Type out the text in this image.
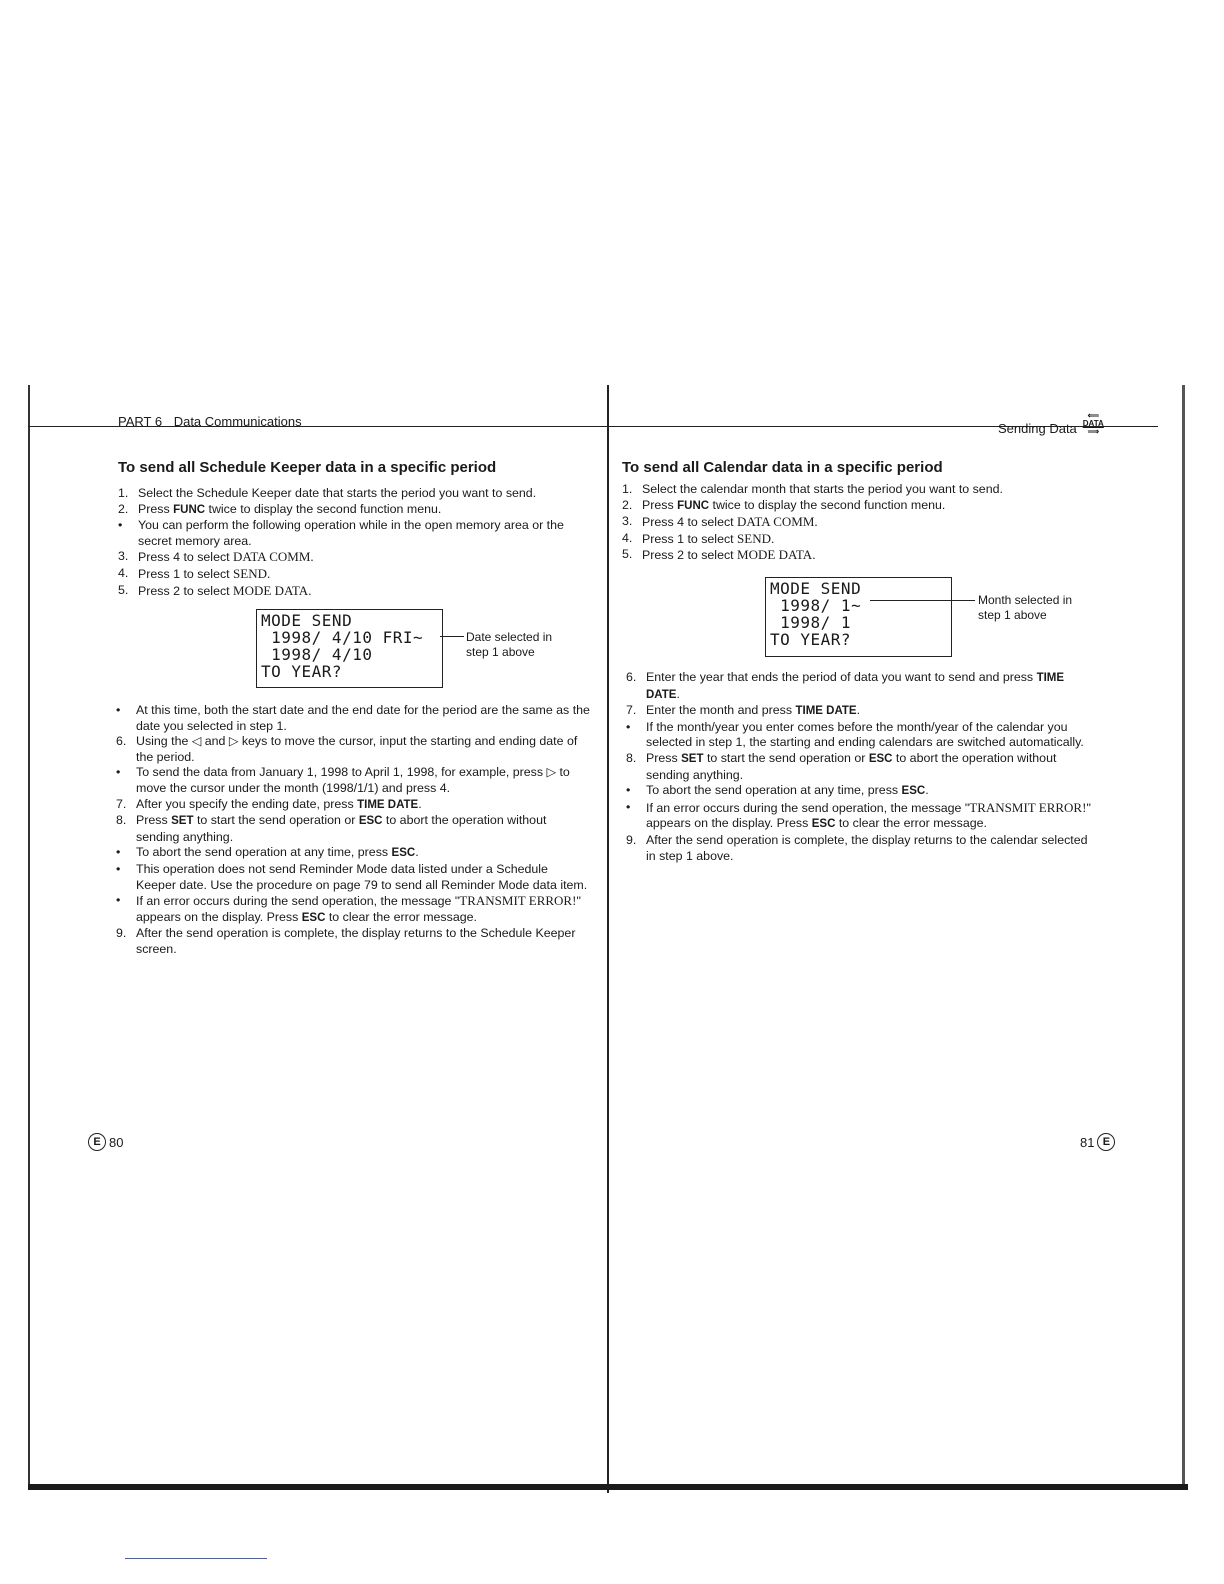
PART 6 Data Communications
To send all Schedule Keeper data in a specific period

1. Select the Schedule Keeper date that starts the period you want to send.

2. Press FUNC twice to display the second function menu.

• You can perform the following operation while in the open memory area or the secret memory area.

3. Press 4 to select DATA COMM.

4. Press 1 to select SEND.

5. Press 2 to select MODE DATA.

MODE SEND
1998/ 4/10 FRI~
1998/ 4/10
TO YEAR?
Date selected in
step 1 above

• At this time, both the start date and the end date for the period are the same as the date you selected in step 1.

6. Using the ◁ and ▷ keys to move the cursor, input the starting and ending date of the period.

• To send the data from January 1, 1998 to April 1, 1998, for example, press ▷ to move the cursor under the month (1998/1/1) and press 4.

7. After you specify the ending date, press TIME DATE.

8. Press SET to start the send operation or ESC to abort the operation without sending anything.

• To abort the send operation at any time, press ESC.

• This operation does not send Reminder Mode data listed under a Schedule Keeper date. Use the procedure on page 79 to send all Reminder Mode data item.

• If an error occurs during the send operation, the message "TRANSMIT ERROR!" appears on the display. Press ESC to clear the error message.

9. After the send operation is complete, the display returns to the Schedule Keeper screen.

E 80
Sending Data
⟸
DATA
⟹
To send all Calendar data in a specific period

1. Select the calendar month that starts the period you want to send.

2. Press FUNC twice to display the second function menu.

3. Press 4 to select DATA COMM.

4. Press 1 to select SEND.

5. Press 2 to select MODE DATA.

MODE SEND
1998/ 1~
1998/ 1
TO YEAR?
Month selected in
step 1 above

6. Enter the year that ends the period of data you want to send and press TIME DATE.

7. Enter the month and press TIME DATE.

• If the month/year you enter comes before the month/year of the calendar you selected in step 1, the starting and ending calendars are switched automatically.

8. Press SET to start the send operation or ESC to abort the operation without sending anything.

• To abort the send operation at any time, press ESC.

• If an error occurs during the send operation, the message "TRANSMIT ERROR!" appears on the display. Press ESC to clear the error message.

9. After the send operation is complete, the display returns to the calendar selected in step 1 above.

81 E
